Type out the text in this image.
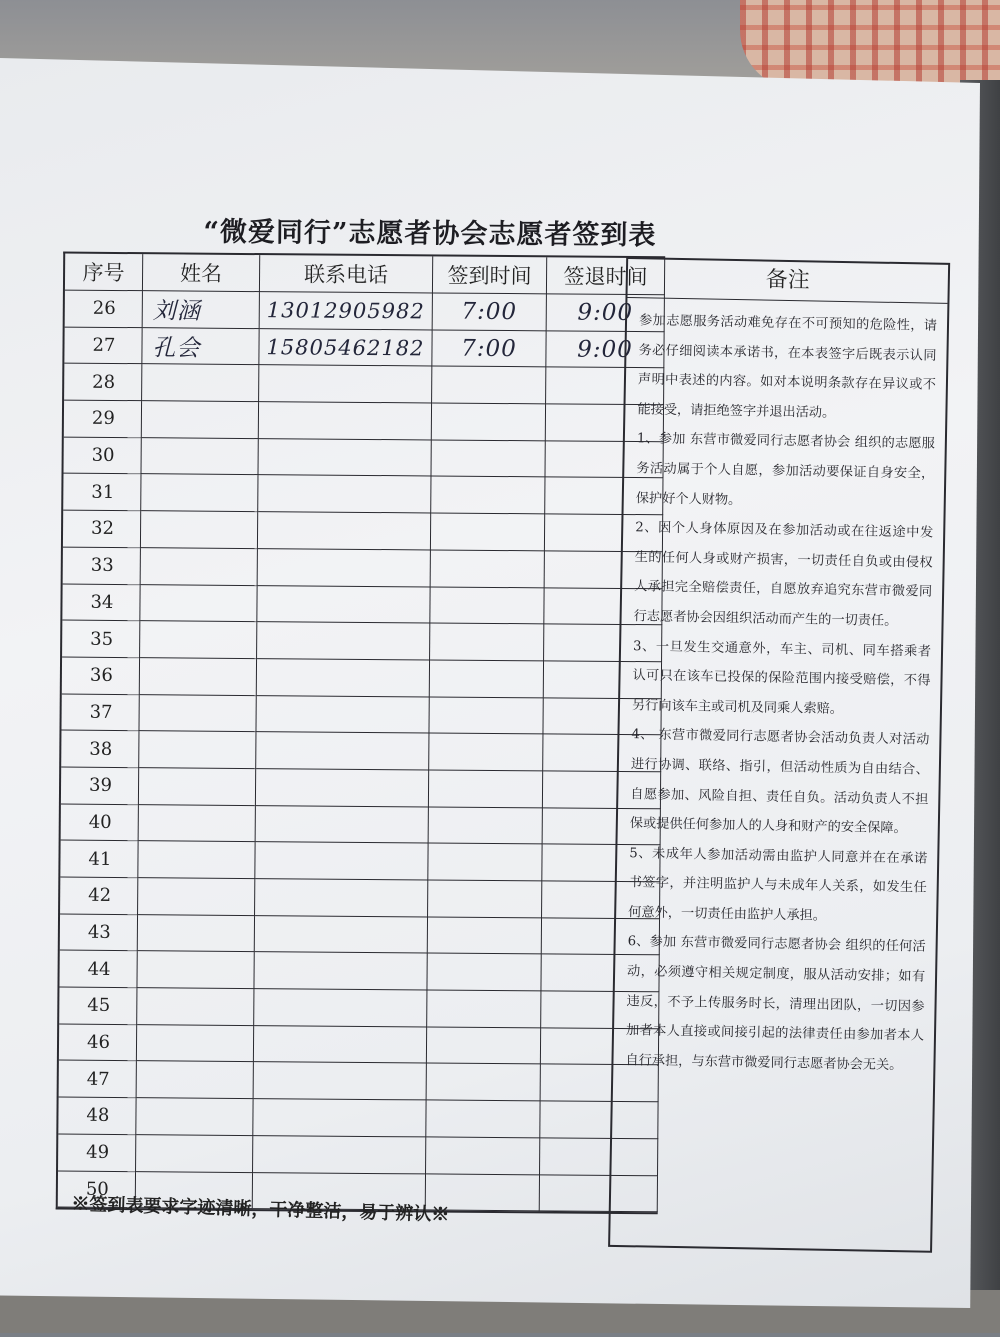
“微爱同行”志愿者协会志愿者签到表
序号	姓名	联系电话	签到时间	签退时间
26	刘涵	13012905982 7:00	9:00
27	孔会	15805462182 7:00	9:00
28
29
30
31
32
33
34
35
36
37
38
39
40
41
42
43
44
45
46
47
48
49
50
备注

参加志愿服务活动难免存在不可预知的危险性，请务必仔细阅读本承诺书，在本表签字后既表示认同声明中表述的内容。如对本说明条款存在异议或不能接受，请拒绝签字并退出活动。

1、参加 东营市微爱同行志愿者协会 组织的志愿服务活动属于个人自愿，参加活动要保证自身安全，保护好个人财物。

2、因个人身体原因及在参加活动或在往返途中发生的任何人身或财产损害，一切责任自负或由侵权人承担完全赔偿责任，自愿放弃追究东营市微爱同行志愿者协会因组织活动而产生的一切责任。

3、一旦发生交通意外，车主、司机、同车搭乘者认可只在该车已投保的保险范围内接受赔偿，不得另行向该车主或司机及同乘人索赔。

4、 东营市微爱同行志愿者协会活动负责人对活动进行协调、联络、指引，但活动性质为自由结合、自愿参加、风险自担、责任自负。活动负责人不担保或提供任何参加人的人身和财产的安全保障。

5、未成年人参加活动需由监护人同意并在在承诺书签字，并注明监护人与未成年人关系，如发生任何意外，一切责任由监护人承担。

6、参加 东营市微爱同行志愿者协会 组织的任何活动，必须遵守相关规定制度，服从活动安排；如有违反，不予上传服务时长，清理出团队，一切因参加者本人直接或间接引起的法律责任由参加者本人自行承担，与东营市微爱同行志愿者协会无关。

※签到表要求字迹清晰，干净整洁，易于辨认※
